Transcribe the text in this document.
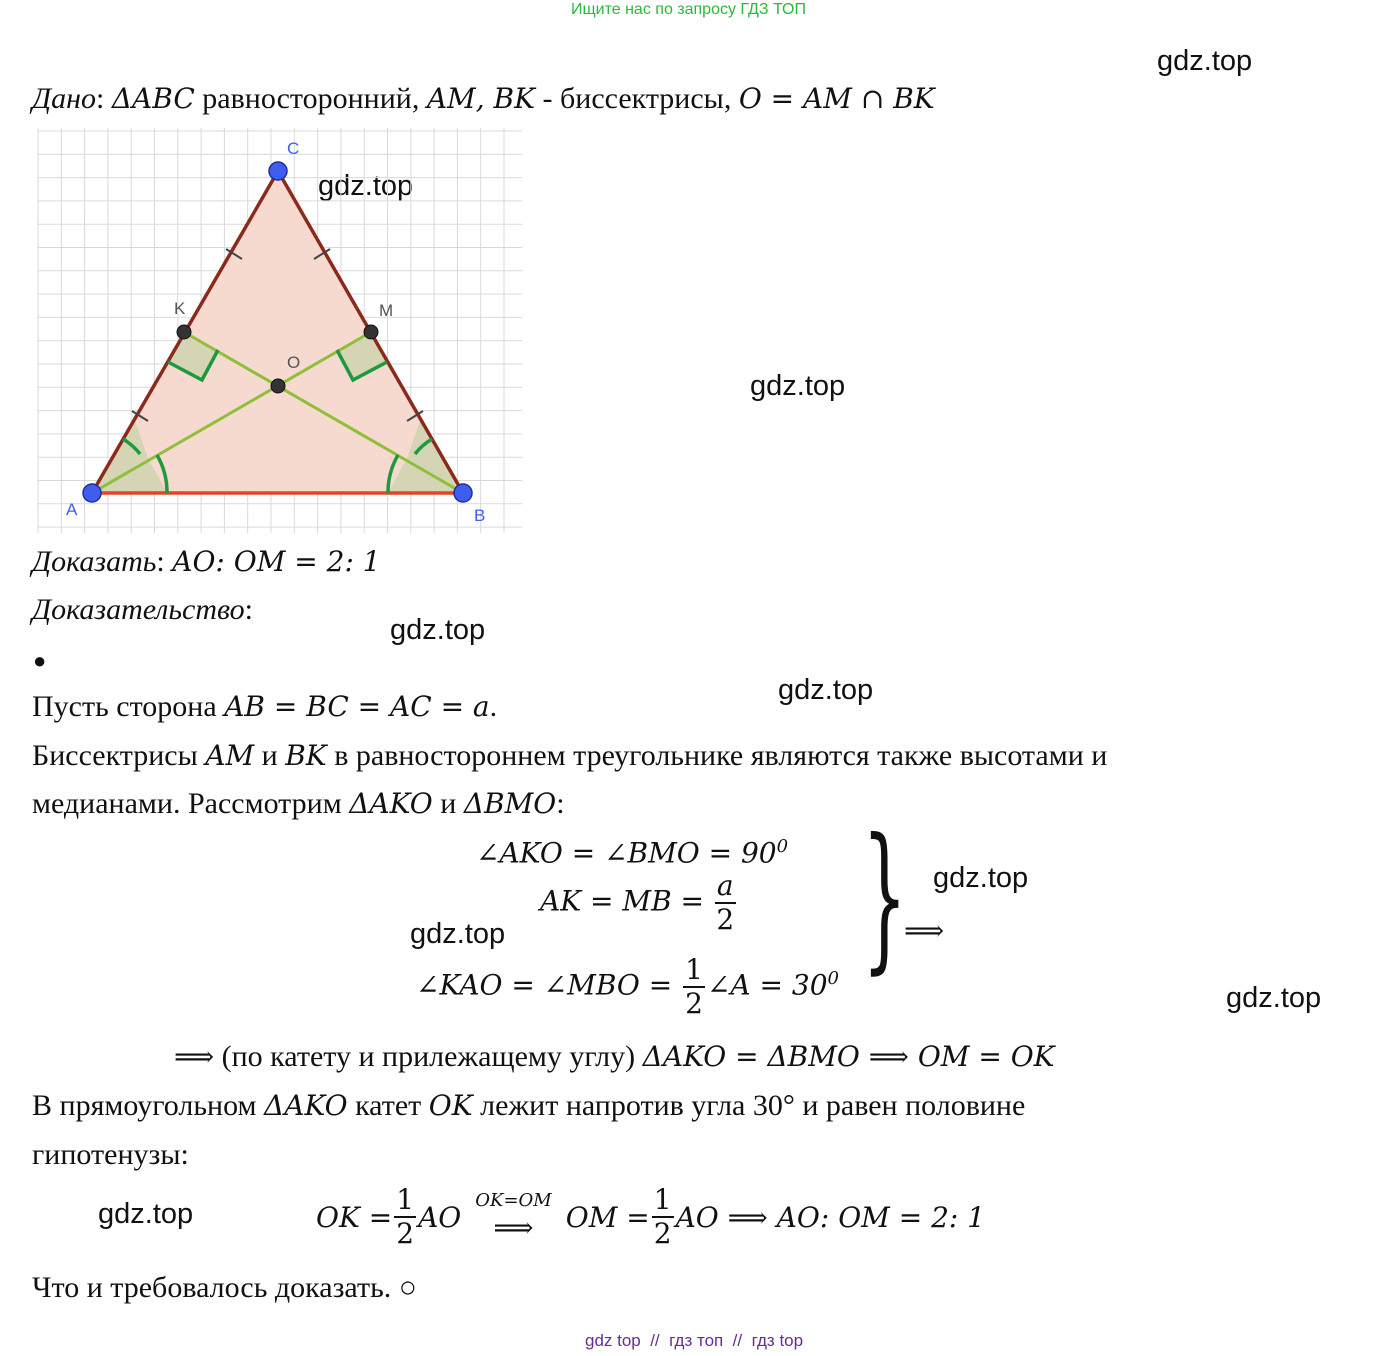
Ищите нас по запросу ГДЗ ТОП
gdz.top
gdz.top
gdz.top
gdz.top
gdz.top
gdz.top
gdz.top
gdz.top
gdz.top
Дано: ΔABC равносторонний, AM, BK - биссектрисы, O = AM ∩ BK
C
A	B
K	M
O
Доказать: AO: OM = 2: 1
Доказательство:
●
Пусть сторона AB = BC = AC = a.
Биссектрисы AM и BK в равностороннем треугольнике являются также высотами и
медианами. Рассмотрим ΔAKO и ΔBMO:
∠AKO = ∠BMO = $90^0$
AK = MB = $\frac{a}{2}$
∠KAO = ∠MBO = $\frac{1}{2}$ ∠A = $30^0$ }
⟹
⟹ (по катету и прилежащему углу) ΔAKO = ΔBMO ⟹ OM = OK
В прямоугольном ΔAKO катет OK лежит напротив угла 30° и равен половине
гипотенузы:
OK = $\frac{1}{2}$ AO OK=OM
⟹ OM = $\frac{1}{2}$ AO ⟹ AO: OM = 2: 1
Что и требовалось доказать. ○
gdz top  //  гдз топ  //  гдз top
